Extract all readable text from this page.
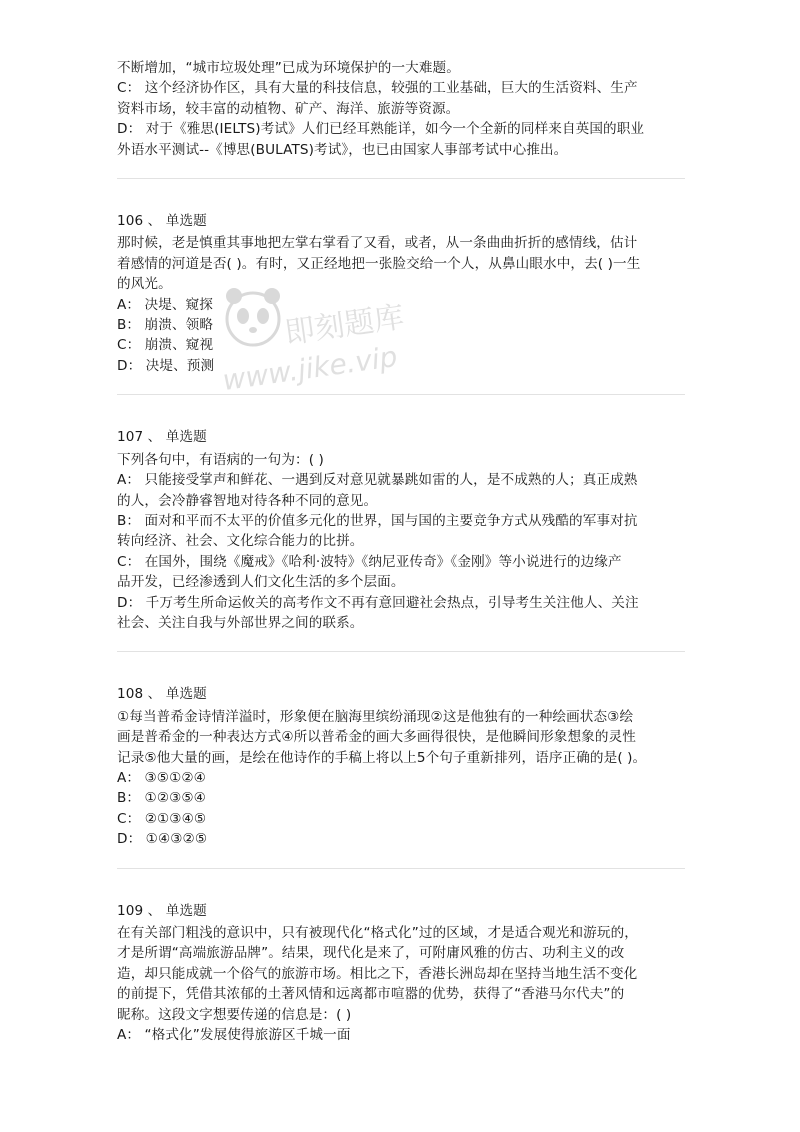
不断增加，“城市垃圾处理”已成为环境保护的一大难题。
C： 这个经济协作区，具有大量的科技信息，较强的工业基础，巨大的生活资料、生产
资料市场，较丰富的动植物、矿产、海洋、旅游等资源。
D： 对于《雅思(IELTS)考试》人们已经耳熟能详，如今一个全新的同样来自英国的职业
外语水平测试--《博思(BULATS)考试》，也已由国家人事部考试中心推出。
106 、 单选题
那时候，老是慎重其事地把左掌右掌看了又看，或者，从一条曲曲折折的感情线，估计
着感情的河道是否( )。有时，又正经地把一张脸交给一个人，从鼻山眼水中，去( )一生
的风光。
A： 决堤、窥探
B： 崩溃、领略
C： 崩溃、窥视
D： 决堤、预测
107 、 单选题
下列各句中，有语病的一句为：( )
A： 只能接受掌声和鲜花、一遇到反对意见就暴跳如雷的人，是不成熟的人；真正成熟
的人，会冷静睿智地对待各种不同的意见。
B： 面对和平而不太平的价值多元化的世界，国与国的主要竞争方式从残酷的军事对抗
转向经济、社会、文化综合能力的比拼。
C： 在国外，围绕《魔戒》《哈利·波特》《纳尼亚传奇》《金刚》等小说进行的边缘产
品开发，已经渗透到人们文化生活的多个层面。
D： 千万考生所命运攸关的高考作文不再有意回避社会热点，引导考生关注他人、关注
社会、关注自我与外部世界之间的联系。
108 、 单选题
①每当普希金诗情洋溢时，形象便在脑海里缤纷涌现②这是他独有的一种绘画状态③绘
画是普希金的一种表达方式④所以普希金的画大多画得很快，是他瞬间形象想象的灵性
记录⑤他大量的画，是绘在他诗作的手稿上将以上5个句子重新排列，语序正确的是( )。
A： ③⑤①②④
B： ①②③⑤④
C： ②①③④⑤
D： ①④③②⑤
109 、 单选题
在有关部门粗浅的意识中，只有被现代化“格式化”过的区域，才是适合观光和游玩的，
才是所谓“高端旅游品牌”。结果，现代化是来了，可附庸风雅的仿古、功利主义的改
造，却只能成就一个俗气的旅游市场。相比之下，香港长洲岛却在坚持当地生活不变化
的前提下，凭借其浓郁的土著风情和远离都市喧嚣的优势，获得了“香港马尔代夫”的
昵称。这段文字想要传递的信息是：( )
A： “格式化”发展使得旅游区千城一面
即刻题库
www.jike.vip
